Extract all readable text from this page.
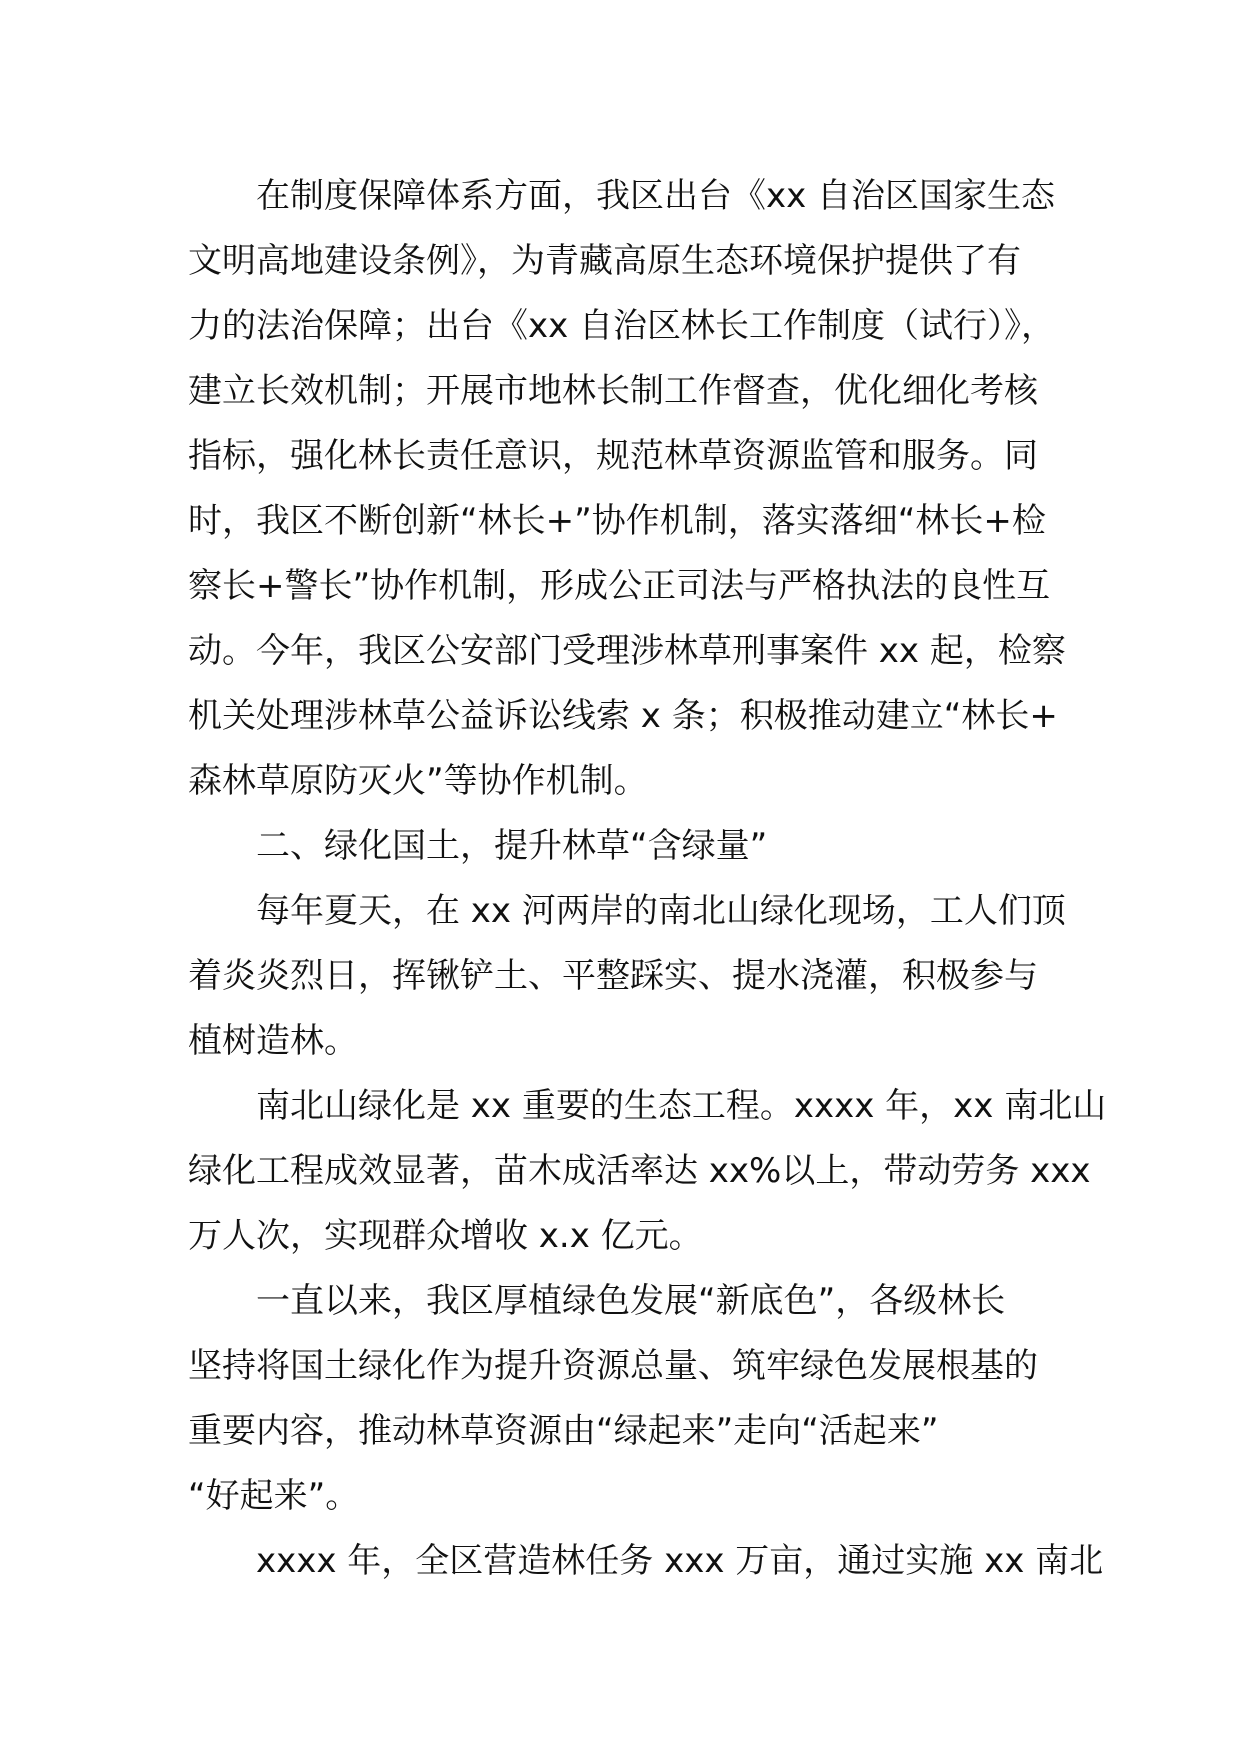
在制度保障体系方面，我区出台《xx 自治区国家生态
文明高地建设条例》，为青藏高原生态环境保护提供了有
力的法治保障；出台《xx 自治区林长工作制度（试行）》，
建立长效机制；开展市地林长制工作督查，优化细化考核
指标，强化林长责任意识，规范林草资源监管和服务。同
时，我区不断创新“林长+”协作机制，落实落细“林长+检
察长+警长”协作机制，形成公正司法与严格执法的良性互
动。今年，我区公安部门受理涉林草刑事案件 xx 起，检察
机关处理涉林草公益诉讼线索 x 条；积极推动建立“林长+
森林草原防灭火”等协作机制。
二、绿化国土，提升林草“含绿量”
每年夏天，在 xx 河两岸的南北山绿化现场，工人们顶
着炎炎烈日，挥锹铲土、平整踩实、提水浇灌，积极参与
植树造林。
南北山绿化是 xx 重要的生态工程。xxxx 年，xx 南北山
绿化工程成效显著，苗木成活率达 xx%以上，带动劳务 xxx
万人次，实现群众增收 x.x 亿元。
一直以来，我区厚植绿色发展“新底色”，各级林长
坚持将国土绿化作为提升资源总量、筑牢绿色发展根基的
重要内容，推动林草资源由“绿起来”走向“活起来”
“好起来”。
xxxx 年，全区营造林任务 xxx 万亩，通过实施 xx 南北
